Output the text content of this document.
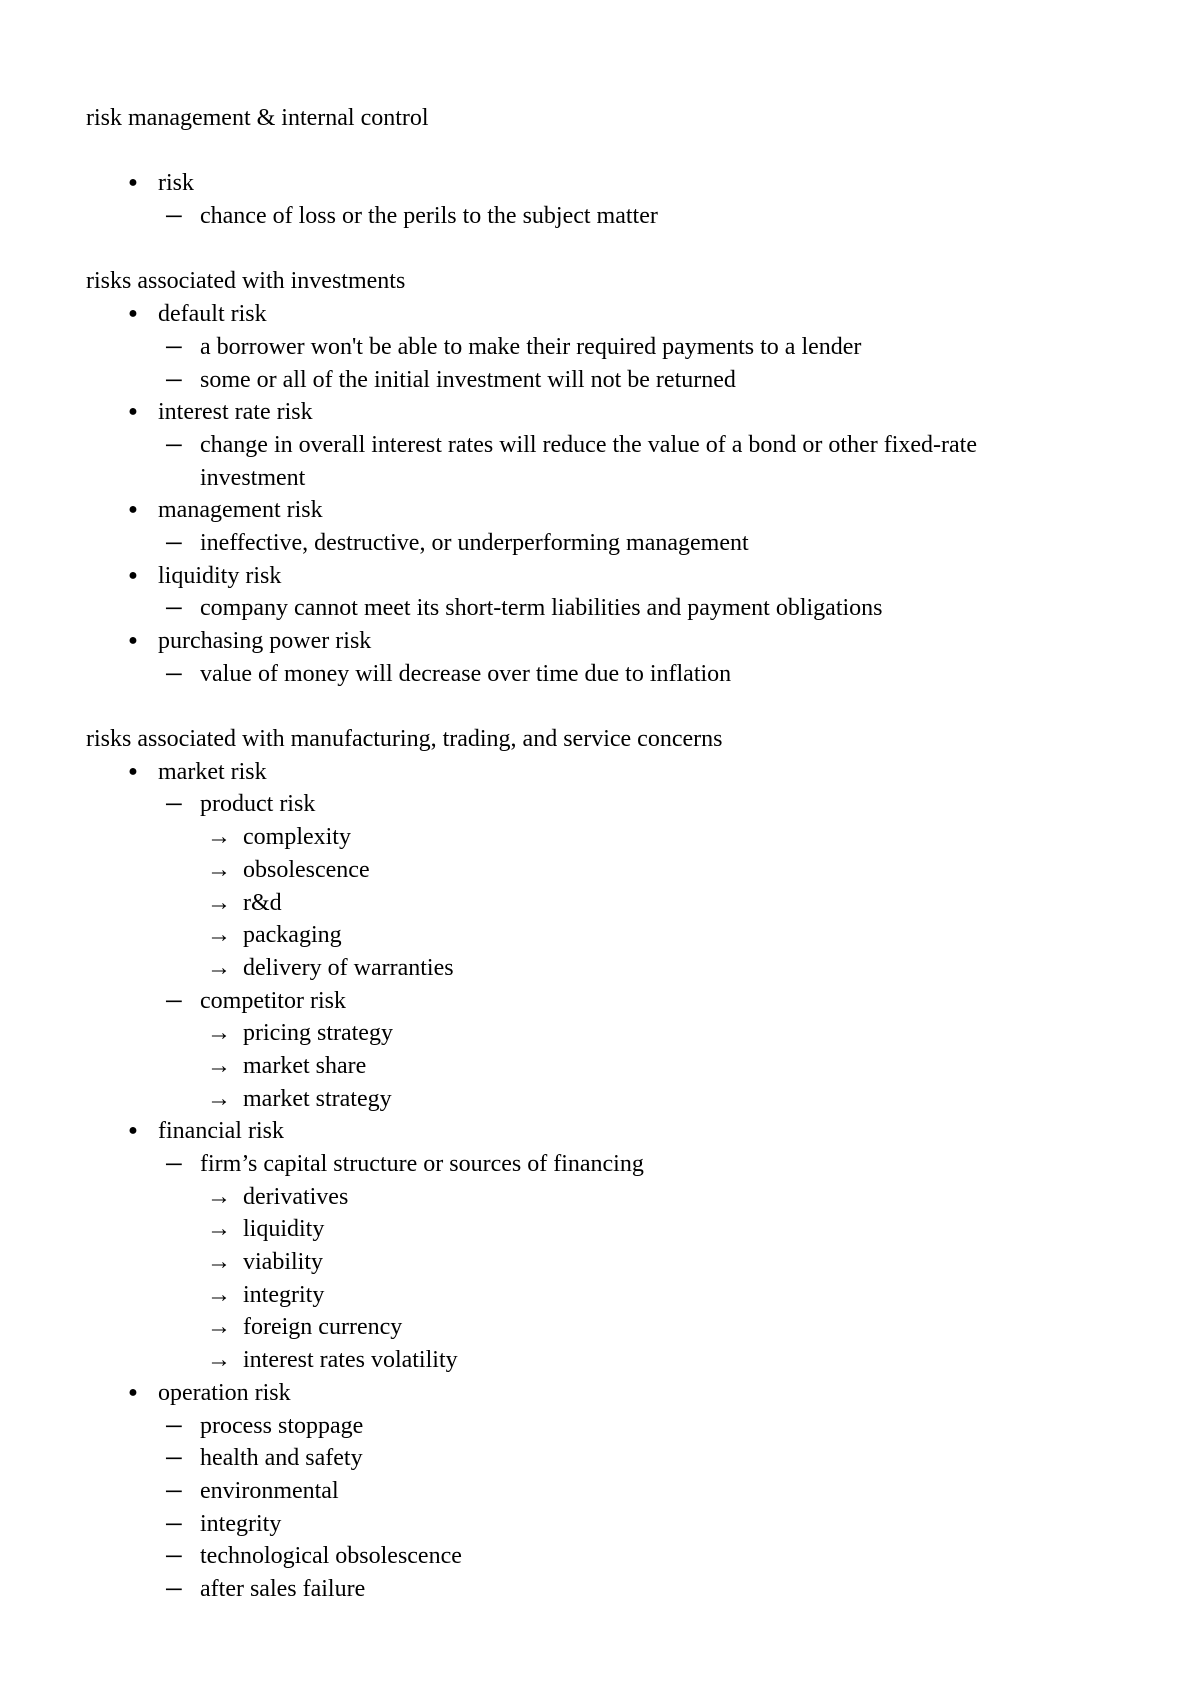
risk management & internal control
● risk
─ chance of loss or the perils to the subject matter
risks associated with investments
● default risk
─ a borrower won't be able to make their required payments to a lender
─ some or all of the initial investment will not be returned
● interest rate risk
─ change in overall interest rates will reduce the value of a bond or other fixed-rate
investment
● management risk
─ ineffective, destructive, or underperforming management
● liquidity risk
─ company cannot meet its short-term liabilities and payment obligations
● purchasing power risk
─ value of money will decrease over time due to inflation
risks associated with manufacturing, trading, and service concerns
● market risk
─ product risk
→ complexity
→ obsolescence
→ r&d
→ packaging
→ delivery of warranties
─ competitor risk
→ pricing strategy
→ market share
→ market strategy
● financial risk
─ firm’s capital structure or sources of financing
→ derivatives
→ liquidity
→ viability
→ integrity
→ foreign currency
→ interest rates volatility
● operation risk
─ process stoppage
─ health and safety
─ environmental
─ integrity
─ technological obsolescence
─ after sales failure
